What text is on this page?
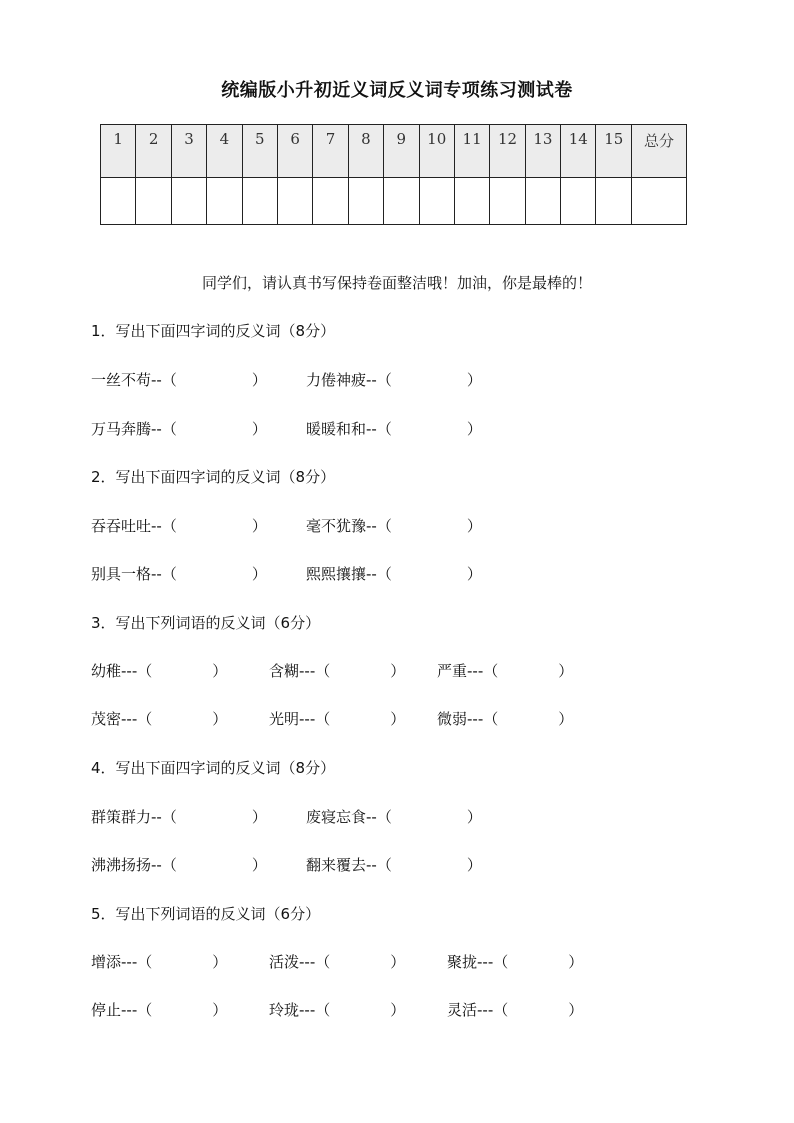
统编版小升初近义词反义词专项练习测试卷
1	2	3	4	5	6	7	8	9	10	11	12	13	14	15	总分

同学们，请认真书写保持卷面整洁哦！加油，你是最棒的！
1．写出下面四字词的反义词（8分）

一丝不苟--（　　　　　）

	力倦神疲--（　　　　　）

万马奔腾--（　　　　　）

	暖暖和和--（　　　　　）

2．写出下面四字词的反义词（8分）

吞吞吐吐--（　　　　　）

	毫不犹豫--（　　　　　）

别具一格--（　　　　　）

	熙熙攘攘--（　　　　　）

3．写出下列词语的反义词（6分）

幼稚---（　　　　）

	含糊---（　　　　）

严重---（　　　　）

茂密---（　　　　）

	光明---（　　　　）

微弱---（　　　　）

4．写出下面四字词的反义词（8分）

群策群力--（　　　　　）

	废寝忘食--（　　　　　）

沸沸扬扬--（　　　　　）

	翻来覆去--（　　　　　）

5．写出下列词语的反义词（6分）

增添---（　　　　）

	活泼---（　　　　）

	聚拢---（　　　　）

停止---（　　　　）

	玲珑---（　　　　）

	灵活---（　　　　）
